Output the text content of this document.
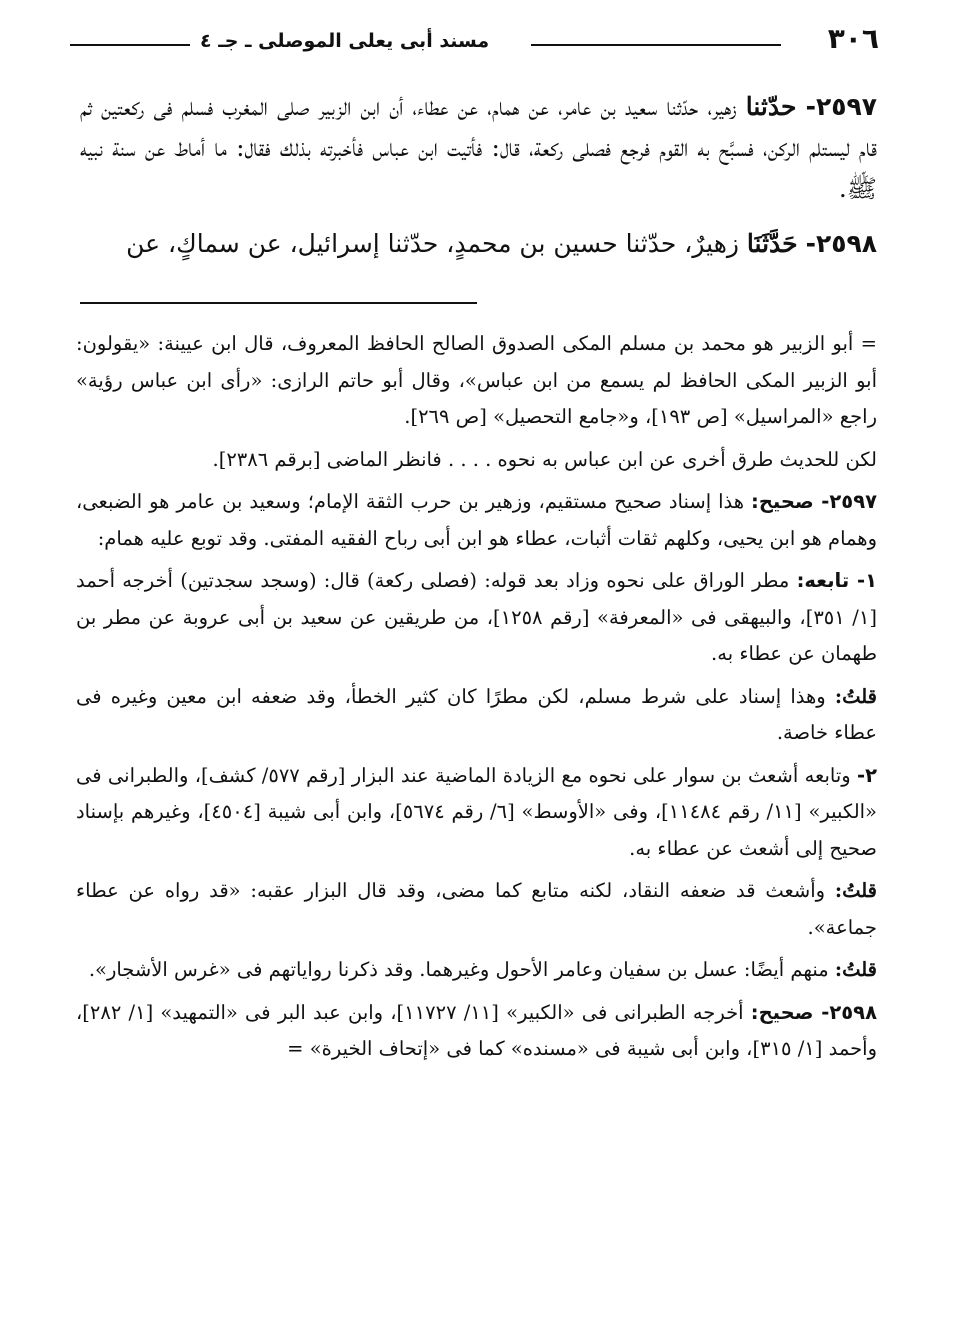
٣٠٦
مسند أبى يعلى الموصلى ـ جـ ٤

٢٥٩٧- حدّثنا زهير، حدّثنا سعيد بن عامر، عن همام، عن عطاء، أن ابن الزبير صلى المغرب فسلم فى ركعتين ثم قام ليستلم الركن، فسبَّح به القوم فرجع فصلى ركعة، قال: فأتيت ابن عباس فأخبرته بذلك فقال: ما أماط عن سنة نبيه ﷺ.

٢٥٩٨- حَدَّثَنَا زهيرٌ، حدّثنا حسين بن محمدٍ، حدّثنا إسرائيل، عن سماكٍ، عن

= أبو الزبير هو محمد بن مسلم المكى الصدوق الصالح الحافظ المعروف، قال ابن عيينة: «يقولون: أبو الزبير المكى الحافظ لم يسمع من ابن عباس»، وقال أبو حاتم الرازى: «رأى ابن عباس رؤية» راجع «المراسيل» [ص ١٩٣]، و«جامع التحصيل» [ص ٢٦٩].

لكن للحديث طرق أخرى عن ابن عباس به نحوه . . . . فانظر الماضى [برقم ٢٣٨٦].

٢٥٩٧- صحيح: هذا إسناد صحيح مستقيم، وزهير بن حرب الثقة الإمام؛ وسعيد بن عامر هو الضبعى، وهمام هو ابن يحيى، وكلهم ثقات أثبات، عطاء هو ابن أبى رباح الفقيه المفتى. وقد توبع عليه همام:

١- تابعه: مطر الوراق على نحوه وزاد بعد قوله: (فصلى ركعة) قال: (وسجد سجدتين) أخرجه أحمد [١/ ٣٥١]، والبيهقى فى «المعرفة» [رقم ١٢٥٨]، من طريقين عن سعيد بن أبى عروبة عن مطر بن طهمان عن عطاء به.

قلتُ: وهذا إسناد على شرط مسلم، لكن مطرًا كان كثير الخطأ، وقد ضعفه ابن معين وغيره فى عطاء خاصة.

٢- وتابعه أشعث بن سوار على نحوه مع الزيادة الماضية عند البزار [رقم ٥٧٧/ كشف]، والطبرانى فى «الكبير» [١١/ رقم ١١٤٨٤]، وفى «الأوسط» [٦/ رقم ٥٦٧٤]، وابن أبى شيبة [٤٥٠٤]، وغيرهم بإسناد صحيح إلى أشعث عن عطاء به.

قلتُ: وأشعث قد ضعفه النقاد، لكنه متابع كما مضى، وقد قال البزار عقبه: «قد رواه عن عطاء جماعة».

قلتُ: منهم أيضًا: عسل بن سفيان وعامر الأحول وغيرهما. وقد ذكرنا رواياتهم فى «غرس الأشجار».

٢٥٩٨- صحيح: أخرجه الطبرانى فى «الكبير» [١١/ ١١٧٢٧]، وابن عبد البر فى «التمهيد» [١/ ٢٨٢]، وأحمد [١/ ٣١٥]، وابن أبى شيبة فى «مسنده» كما فى «إتحاف الخيرة» =
